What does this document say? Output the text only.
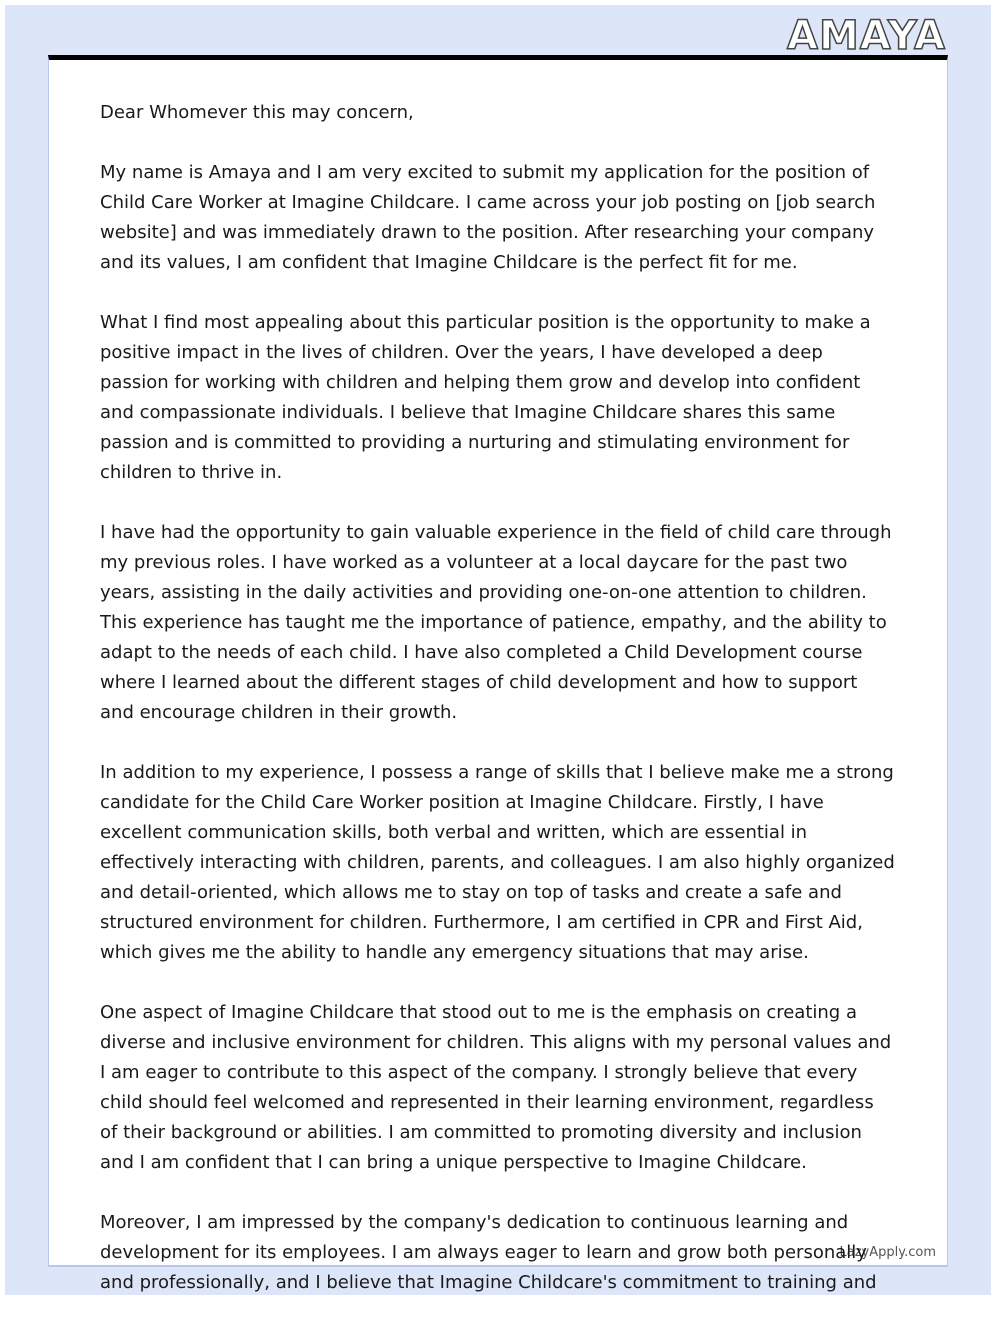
AMAYA

Dear Whomever this may concern,

My name is Amaya and I am very excited to submit my application for the position of Child Care Worker at Imagine Childcare. I came across your job posting on [job search website] and was immediately drawn to the position. After researching your company and its values, I am confident that Imagine Childcare is the perfect fit for me.

What I find most appealing about this particular position is the opportunity to make a positive impact in the lives of children. Over the years, I have developed a deep passion for working with children and helping them grow and develop into confident and compassionate individuals. I believe that Imagine Childcare shares this same passion and is committed to providing a nurturing and stimulating environment for children to thrive in.

I have had the opportunity to gain valuable experience in the field of child care through my previous roles. I have worked as a volunteer at a local daycare for the past two years, assisting in the daily activities and providing one-on-one attention to children. This experience has taught me the importance of patience, empathy, and the ability to adapt to the needs of each child. I have also completed a Child Development course where I learned about the different stages of child development and how to support and encourage children in their growth.

In addition to my experience, I possess a range of skills that I believe make me a strong candidate for the Child Care Worker position at Imagine Childcare. Firstly, I have excellent communication skills, both verbal and written, which are essential in effectively interacting with children, parents, and colleagues. I am also highly organized and detail-oriented, which allows me to stay on top of tasks and create a safe and structured environment for children. Furthermore, I am certified in CPR and First Aid, which gives me the ability to handle any emergency situations that may arise.

One aspect of Imagine Childcare that stood out to me is the emphasis on creating a diverse and inclusive environment for children. This aligns with my personal values and I am eager to contribute to this aspect of the company. I strongly believe that every child should feel welcomed and represented in their learning environment, regardless of their background or abilities. I am committed to promoting diversity and inclusion and I am confident that I can bring a unique perspective to Imagine Childcare.

Moreover, I am impressed by the company's dedication to continuous learning and development for its employees. I am always eager to learn and grow both personally and professionally, and I believe that Imagine Childcare's commitment to training and

LazyApply.com
